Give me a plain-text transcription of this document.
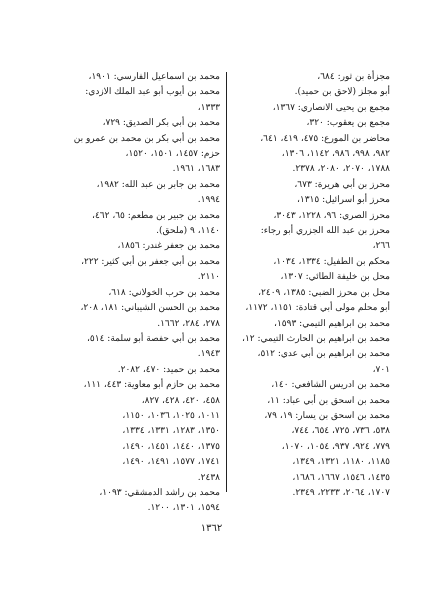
مجزأة بن ثور: ٦٨٤،

أبو مجلز (لاحق بن حميد).

مجمع بن يحيى الانصاري: ١٣٦٧،

مجمع بن يعقوب: ٣٢٠،

محاضر بن المورع: ٤٧٥، ٤١٩، ٦٤١،

٩٨٢، ٩٩٨، ٩٨٦، ١١٤٢، ١٣٠٦،

١٧٨٨، ٢٠٧٠، ٢٠٨٠، ٢٣٧٨.

محرز بن أبي هريرة: ٦٧٣،

محرز أبو اسرائيل: ١٣١٥،

محرز الصري: ٩٦، ١٢٢٨، ٣٠٤٣،

محرز بن عبد الله الجزري أبو رجاء:

٢٦٦،

محكم بن الطفيل: ١٣٣٤، ١٠٣٤،

محل بن خليفة الطائي: ١٣٠٧،

محل بن محرز الضبي: ١٣٨٥، ٢٤٠٩،

أبو محلم مولى أبي قتادة: ١١٥١، ١١٧٢،

محمد بن ابراهيم التيمي: ١٥٩٣،

محمد بن ابراهيم بن الحارث التيمي: ١٢،

محمد بن ابراهيم بن أبي عدي: ٥١٢،

٧٠١،

محمد بن ادريس الشافعي: ١٤٠،

محمد بن اسحق بن أبي عباد: ١١،

محمد بن اسحق بن يسار: ١٩، ٧٩،

٥٣٨، ٧٣٦، ٧٢٥، ٦٥٤، ٧٤٤،

٧٧٩، ٩٢٤، ٩٣٧، ١٠٥٤، ١٠٧٠،

١١٨٥، ١١٨٠، ١٣٢١، ١٣٤٩،

١٤٣٥، ١٥٤٦، ١٦٦٧، ١٦٨٦،

١٧٠٧، ٢٠٦٤، ٢٢٣٣، ٢٣٤٩.

محمد بن اسماعيل الفارسي: ١٩٠١،

محمد بن أيوب أبو عبد الملك الازدي:

١٣٣٣،

محمد بن أبي بكر الصديق: ٧٢٩،

محمد بن أبي بكر بن محمد بن عمرو بن

حزم: ١٤٥٧، ١٥٠١، ١٥٢٠،

١٦٨٣، ١٩٦١.

محمد بن جابر بن عبد الله: ١٩٨٢،

١٩٩٤.

محمد بن جبير بن مطعم: ٦٥، ٤٦٢،

١١٤٠، ٩ (ملحق).

محمد بن جعفر غندر: ١٨٥٦،

محمد بن أبي جعفر بن أبي كثير: ٢٢٢،

٢١١٠.

محمد بن حرب الخولاني: ٦١٨،

محمد بن الحسن الشيباني: ١٨١، ٢٠٨،

٢٧٨، ٢٨٤، ١٦٦٢.

محمد بن أبي حفصة أبو سلمة: ٥١٤،

١٩٤٣.

محمد بن حميد: ٤٧٠، ٢٠٨٢.

محمد بن حازم أبو معاوية: ٤٤٣، ١١١،

٤٥٨، ٤٢٠، ٤٢٨، ٨٢٧،

١٠١١، ١٠٢٥، ١٠٣٦، ١١٥٠،

١٣٥٠، ١٢٨٣، ١٣٣١، ١٣٣٤،

١٣٧٥، ١٤٤٠، ١٤٥١، ١٤٩٠،

١٧٤١، ١٥٧٧، ١٤٩١، ١٤٩٠،

٢٤٣٨.

محمد بن راشد الدمشقي: ١٠٩٣،

١٥٩٤، ١٣٠١، ١٢٠٠.

١٣٦٢
